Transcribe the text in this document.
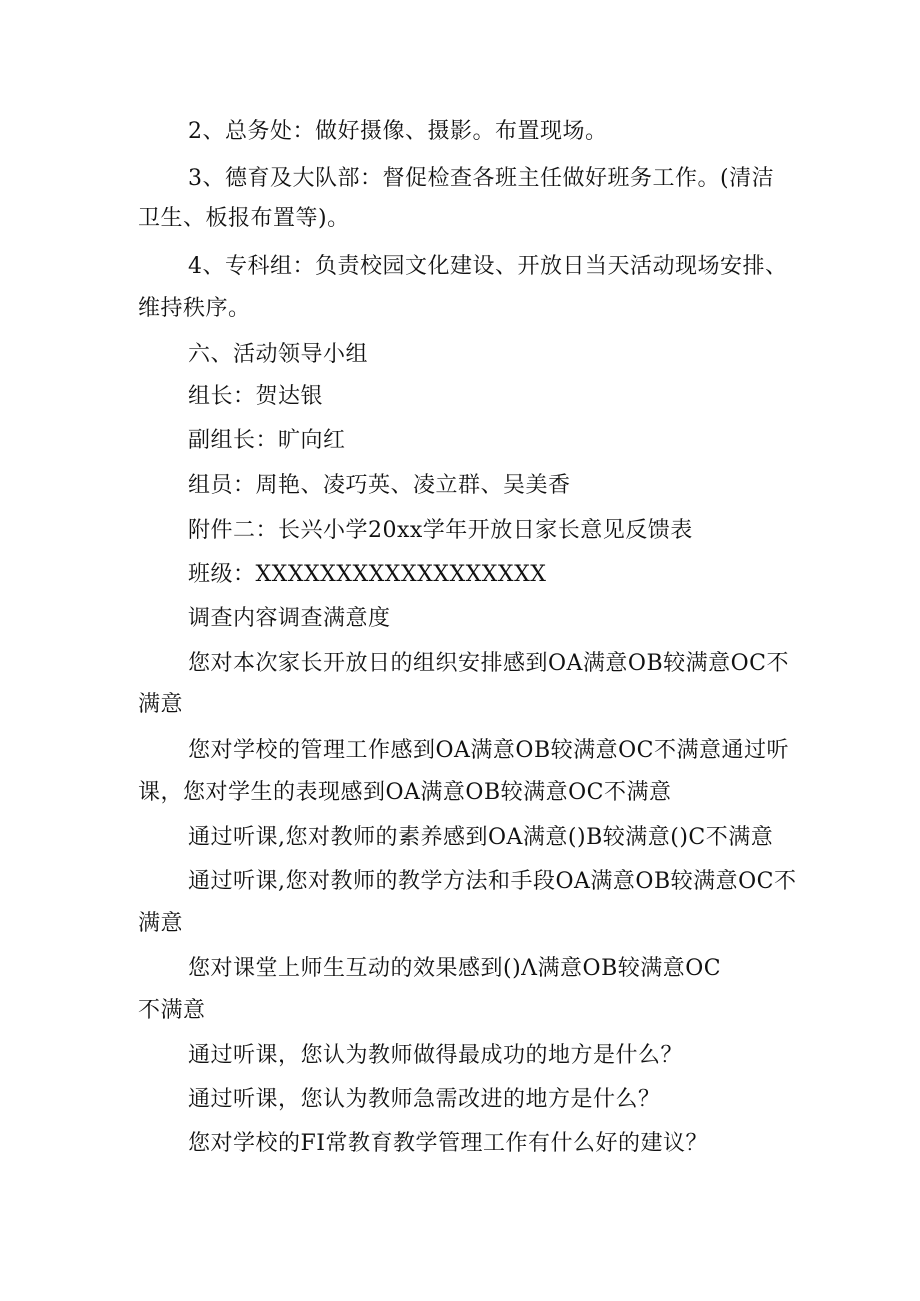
2、总务处：做好摄像、摄影。布置现场。
3、德育及大队部：督促检查各班主任做好班务工作。(清洁
卫生、板报布置等)。
4、专科组：负责校园文化建设、开放日当天活动现场安排、
维持秩序。
六、活动领导小组
组长：贺达银
副组长：旷向红
组员：周艳、凌巧英、凌立群、吴美香
附件二：长兴小学20xx学年开放日家长意见反馈表
班级：XXXXXXXXXXXXXXXXXX
调查内容调查满意度
您对本次家长开放日的组织安排感到OA满意OB较满意OC不
满意
您对学校的管理工作感到OA满意OB较满意OC不满意通过听
课，您对学生的表现感到OA满意OB较满意OC不满意
通过听课,您对教师的素养感到OA满意()B较满意()C不满意
通过听课,您对教师的教学方法和手段OA满意OB较满意OC不
满意
您对课堂上师生互动的效果感到()Λ满意OB较满意OC
不满意
通过听课，您认为教师做得最成功的地方是什么？
通过听课，您认为教师急需改进的地方是什么？
您对学校的FI常教育教学管理工作有什么好的建议？
